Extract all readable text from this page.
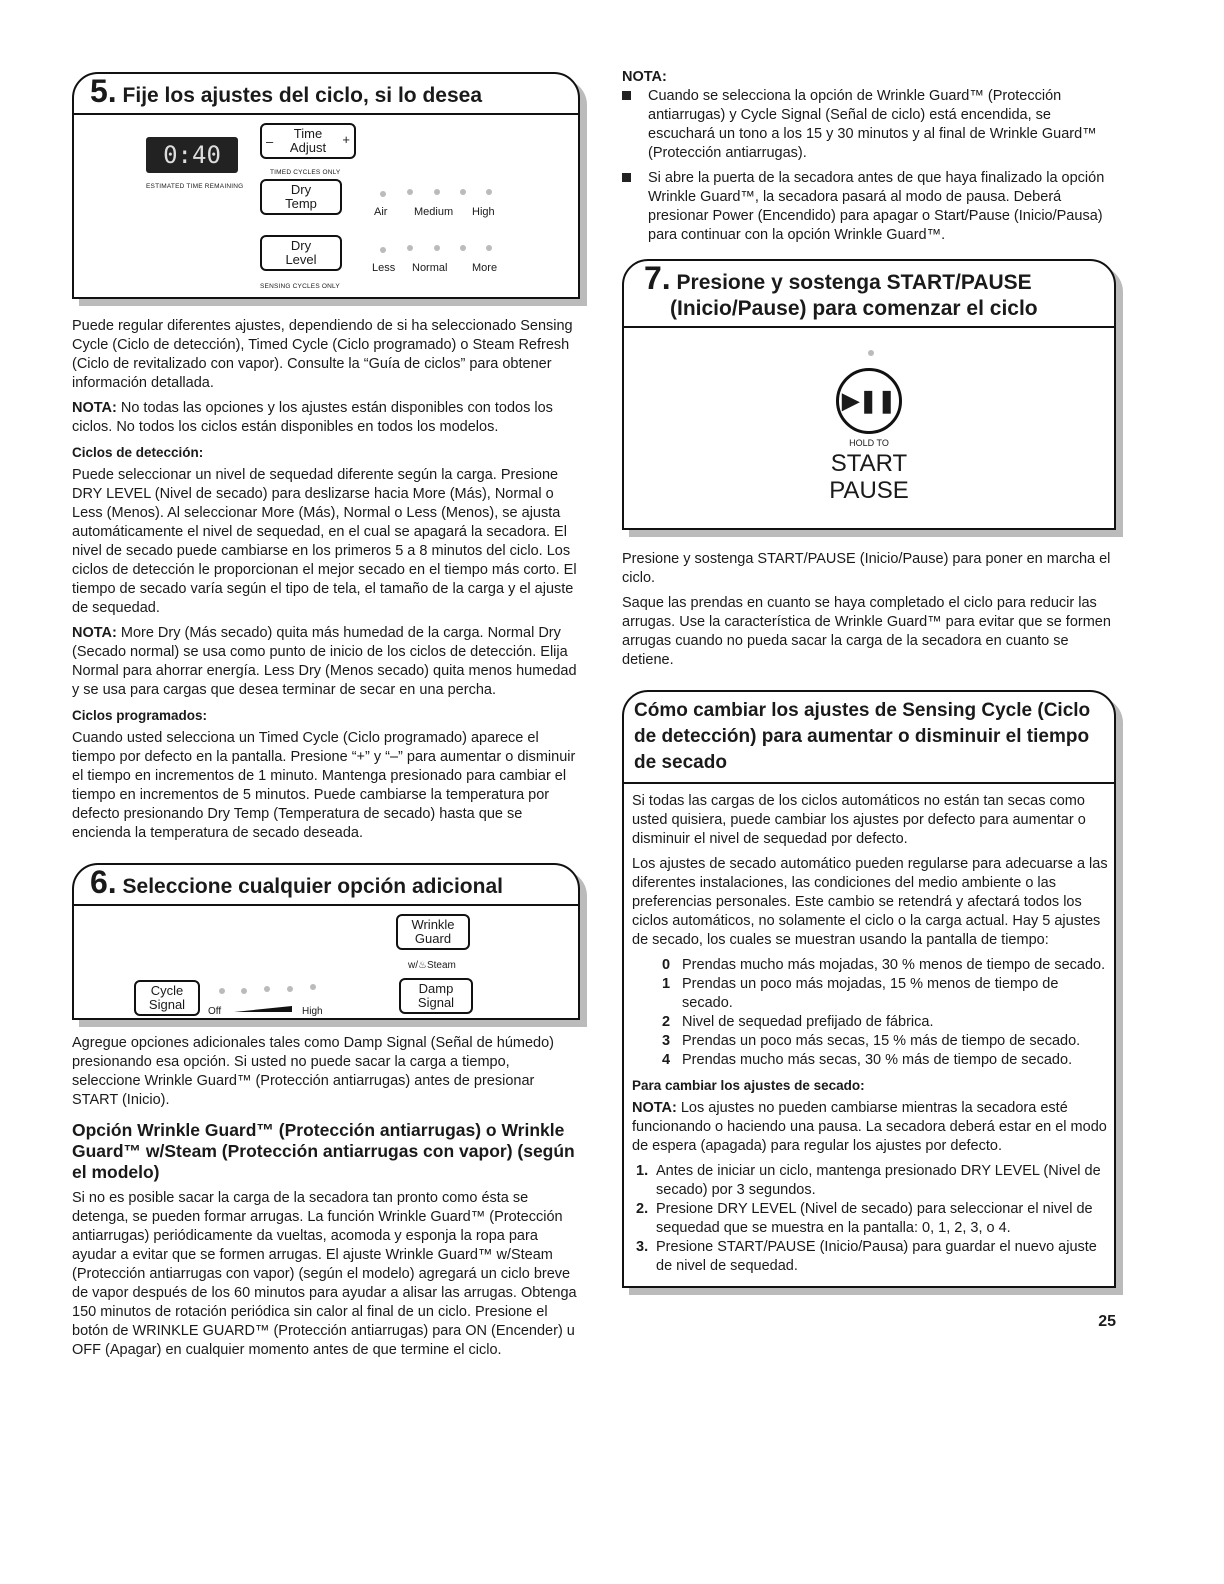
5. Fije los ajustes del ciclo, si lo desea
0:40
ESTIMATED TIME REMAINING
–
Time
Adjust
+
TIMED CYCLES ONLY
Dry
Temp
Air Medium High
Dry
Level
SENSING CYCLES ONLY
Less Normal More

Puede regular diferentes ajustes, dependiendo de si ha seleccionado Sensing Cycle (Ciclo de detección), Timed Cycle (Ciclo programado) o Steam Refresh (Ciclo de revitalizado con vapor). Consulte la “Guía de ciclos” para obtener información detallada.

NOTA: No todas las opciones y los ajustes están disponibles con todos los ciclos. No todos los ciclos están disponibles en todos los modelos.

Ciclos de detección:

Puede seleccionar un nivel de sequedad diferente según la carga. Presione DRY LEVEL (Nivel de secado) para deslizarse hacia More (Más), Normal o Less (Menos). Al seleccionar More (Más), Normal o Less (Menos), se ajusta automáticamente el nivel de sequedad, en el cual se apagará la secadora. El nivel de secado puede cambiarse en los primeros 5 a 8 minutos del ciclo. Los ciclos de detección le proporcionan el mejor secado en el tiempo más corto. El tiempo de secado varía según el tipo de tela, el tamaño de la carga y el ajuste de sequedad.

NOTA: More Dry (Más secado) quita más humedad de la carga. Normal Dry (Secado normal) se usa como punto de inicio de los ciclos de detección. Elija Normal para ahorrar energía. Less Dry (Menos secado) quita menos humedad y se usa para cargas que desea terminar de secar en una percha.

Ciclos programados:

Cuando usted selecciona un Timed Cycle (Ciclo programado) aparece el tiempo por defecto en la pantalla. Presione “+” y “–” para aumentar o disminuir el tiempo en incrementos de 1 minuto. Mantenga presionado para cambiar el tiempo en incrementos de 5 minutos. Puede cambiarse la temperatura por defecto presionando Dry Temp (Temperatura de secado) hasta que se encienda la temperatura de secado deseada.

6. Seleccione cualquier opción adicional
Wrinkle
Guard
w/♨Steam
Cycle
Signal	Off	High
Damp
Signal

Agregue opciones adicionales tales como Damp Signal (Señal de húmedo) presionando esa opción. Si usted no puede sacar la carga a tiempo, seleccione Wrinkle Guard™ (Protección antiarrugas) antes de presionar START (Inicio).

Opción Wrinkle Guard™ (Protección antiarrugas) o Wrinkle Guard™ w/Steam (Protección antiarrugas con vapor) (según el modelo)

Si no es posible sacar la carga de la secadora tan pronto como ésta se detenga, se pueden formar arrugas. La función Wrinkle Guard™ (Protección antiarrugas) periódicamente da vueltas, acomoda y esponja la ropa para ayudar a evitar que se formen arrugas. El ajuste Wrinkle Guard™ w/Steam (Protección antiarrugas con vapor) (según el modelo) agregará un ciclo breve de vapor después de los 60 minutos para ayudar a alisar las arrugas. Obtenga 150 minutos de rotación periódica sin calor al final de un ciclo. Presione el botón de WRINKLE GUARD™ (Protección antiarrugas) para ON (Encender) u OFF (Apagar) en cualquier momento antes de que termine el ciclo.

NOTA:
Cuando se selecciona la opción de Wrinkle Guard™ (Protección antiarrugas) y Cycle Signal (Señal de ciclo) está encendida, se escuchará un tono a los 15 y 30 minutos y al final de Wrinkle Guard™ (Protección antiarrugas).
Si abre la puerta de la secadora antes de que haya finalizado la opción Wrinkle Guard™, la secadora pasará al modo de pausa. Deberá presionar Power (Encendido) para apagar o Start/Pause (Inicio/Pausa) para continuar con la opción Wrinkle Guard™.
7. Presione y sostenga START/PAUSE
(Inicio/Pause) para comenzar el ciclo
▶❚❚
HOLD TO
START
PAUSE

Presione y sostenga START/PAUSE (Inicio/Pause) para poner en marcha el ciclo.

Saque las prendas en cuanto se haya completado el ciclo para reducir las arrugas. Use la característica de Wrinkle Guard™ para evitar que se formen arrugas cuando no pueda sacar la carga de la secadora en cuanto se detiene.

Cómo cambiar los ajustes de Sensing Cycle (Ciclo de detección) para aumentar o disminuir el tiempo de secado

Si todas las cargas de los ciclos automáticos no están tan secas como usted quisiera, puede cambiar los ajustes por defecto para aumentar o disminuir el nivel de sequedad por defecto.

Los ajustes de secado automático pueden regularse para adecuarse a las diferentes instalaciones, las condiciones del medio ambiente o las preferencias personales. Este cambio se retendrá y afectará todos los ciclos automáticos, no solamente el ciclo o la carga actual. Hay 5 ajustes de secado, los cuales se muestran usando la pantalla de tiempo:

0 Prendas mucho más mojadas, 30 % menos de tiempo de secado.
1 Prendas un poco más mojadas, 15 % menos de tiempo de secado.
2 Nivel de sequedad prefijado de fábrica.
3 Prendas un poco más secas, 15 % más de tiempo de secado.
4 Prendas mucho más secas, 30 % más de tiempo de secado.
Para cambiar los ajustes de secado:

NOTA: Los ajustes no pueden cambiarse mientras la secadora esté funcionando o haciendo una pausa. La secadora deberá estar en el modo de espera (apagada) para regular los ajustes por defecto.

1. Antes de iniciar un ciclo, mantenga presionado DRY LEVEL (Nivel de secado) por 3 segundos.
2. Presione DRY LEVEL (Nivel de secado) para seleccionar el nivel de sequedad que se muestra en la pantalla: 0, 1, 2, 3, o 4.
3. Presione START/PAUSE (Inicio/Pausa) para guardar el nuevo ajuste de nivel de sequedad.
25
